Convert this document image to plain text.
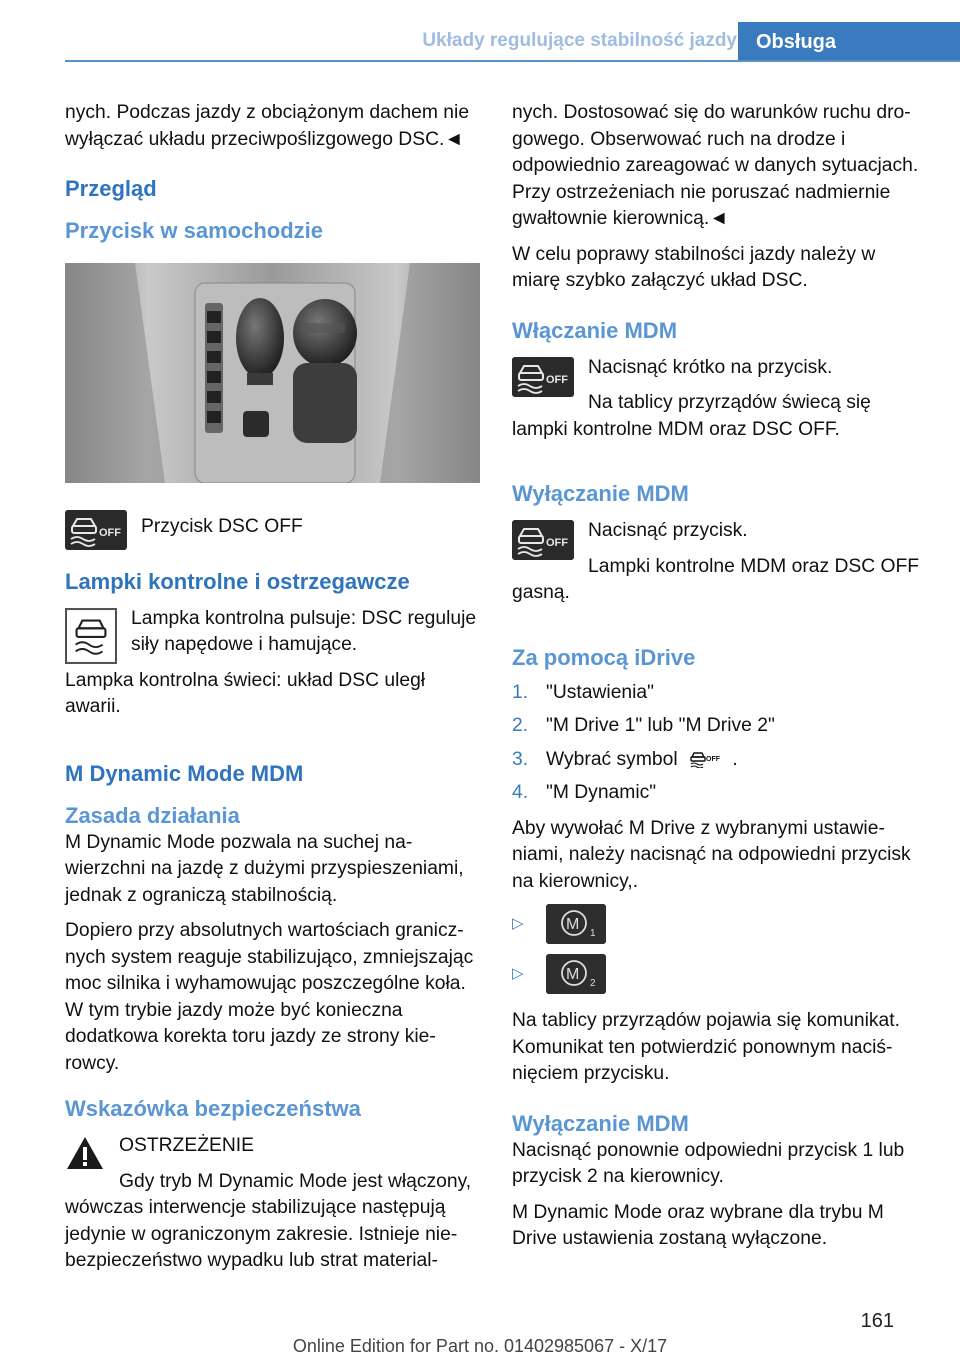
Układy regulujące stabilność jazdy Obsługa

nych. Podczas jazdy z obciążonym dachem nie wyłączać układu przeciwpoślizgowego DSC.◄

Przegląd
Przycisk w samochodzie
OFF	Przycisk DSC OFF

Lampki kontrolne i ostrzegawcze

Lampka kontrolna pulsuje: DSC reguluje siły napędowe i hamujące.

Lampka kontrolna świeci: układ DSC uległ awarii.

M Dynamic Mode MDM
Zasada działania

M Dynamic Mode pozwala na suchej nawierzchni na jazdę z dużymi przyspieszeniami, jednak z ograniczą stabilnością.

Dopiero przy absolutnych wartościach granicznych system reaguje stabilizująco, zmniejszając moc silnika i wyhamowując poszczególne koła. W tym trybie jazdy może być konieczna dodatkowa korekta toru jazdy ze strony kierowcy.

Wskazówka bezpieczeństwa

OSTRZEŻENIE

Gdy tryb M Dynamic Mode jest włączony, wówczas interwencje stabilizujące następują jedynie w ograniczonym zakresie. Istnieje niebezpieczeństwo wypadku lub strat material-

nych. Dostosować się do warunków ruchu drogowego. Obserwować ruch na drodze i odpowiednio zareagować w danych sytuacjach. Przy ostrzeżeniach nie poruszać nadmiernie gwałtownie kierownicą.◄

W celu poprawy stabilności jazdy należy w miarę szybko załączyć układ DSC.

Włączanie MDM
OFF

Nacisnąć krótko na przycisk.

Na tablicy przyrządów świecą się lampki kontrolne MDM oraz DSC OFF.

Wyłączanie MDM
OFF

Nacisnąć przycisk.

Lampki kontrolne MDM oraz DSC OFF gasną.

Za pomocą iDrive
1. "Ustawienia"
2. "M Drive 1" lub "M Drive 2"
3. Wybrać symbol	OFF .
4. "M Dynamic"

Aby wywołać M Drive z wybranymi ustawieniami, należy nacisnąć na odpowiedni przycisk na kierownicy,.

▷	M
1
▷	M
2

Na tablicy przyrządów pojawia się komunikat. Komunikat ten potwierdzić ponownym naciśnięciem przycisku.

Wyłączanie MDM

Nacisnąć ponownie odpowiedni przycisk 1 lub przycisk 2 na kierownicy.

M Dynamic Mode oraz wybrane dla trybu M Drive ustawienia zostaną wyłączone.

161
Online Edition for Part no. 01402985067 - X/17
